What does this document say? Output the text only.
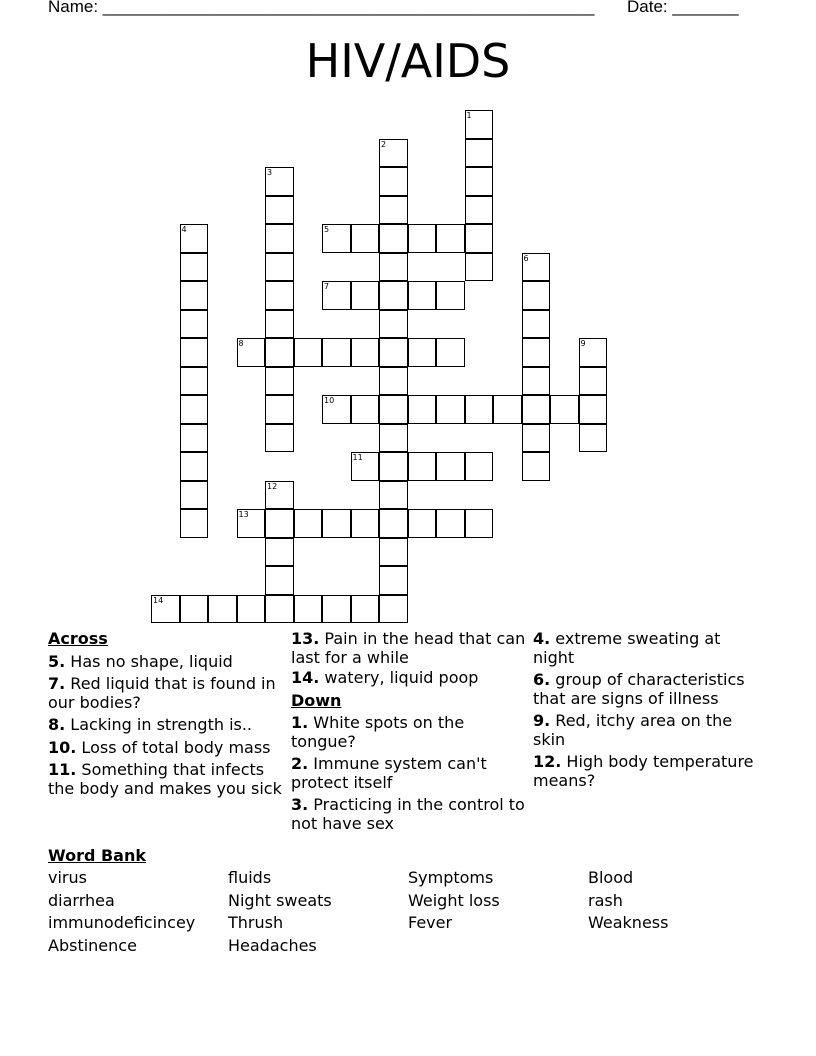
Name: ____________________________________________________ Date: _______
HIV/AIDS
1
2
3
4	5
6
7
8	9
10
11
12
13
14
Across
5. Has no shape, liquid
7. Red liquid that is found in our bodies?
8. Lacking in strength is..
10. Loss of total body mass
11. Something that infects the body and makes you sick
13. Pain in the head that can last for a while
14. watery, liquid poop
Down
1. White spots on the tongue?
2. Immune system can't protect itself
3. Practicing in the control to not have sex
4. extreme sweating at night
6. group of characteristics that are signs of illness
9. Red, itchy area on the skin
12. High body temperature means?
Word Bank
virus	fluids	Symptoms	Blood
diarrhea	Night sweats	Weight loss	rash
immunodeficincey Thrush	Fever	Weakness
Abstinence	Headaches
